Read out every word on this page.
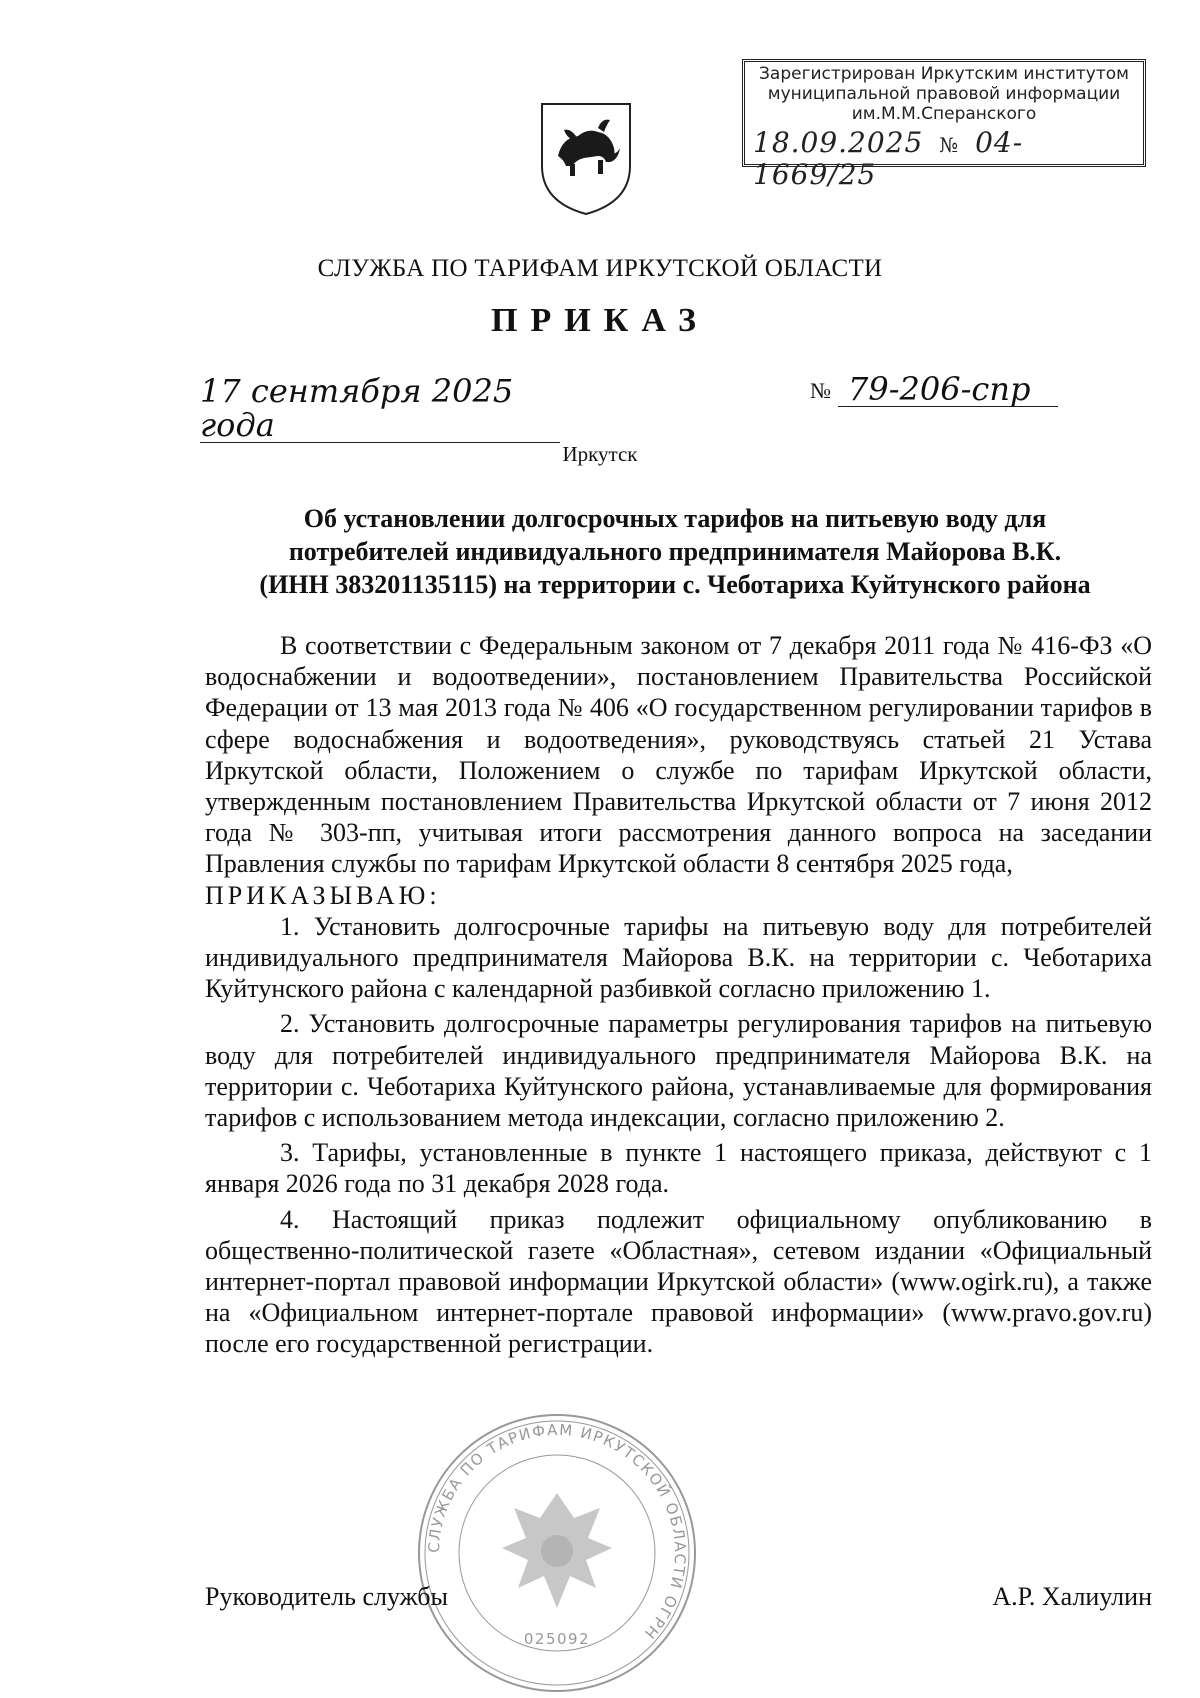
Зарегистрирован Иркутским институтом
муниципальной правовой информации
им.М.М.Сперанского
18.09.2025 № 04-1669/25
СЛУЖБА ПО ТАРИФАМ ИРКУТСКОЙ ОБЛАСТИ
ПРИКАЗ
17 сентября 2025 года
№ 79-206-спр
Иркутск
Об установлении долгосрочных тарифов на питьевую воду для
потребителей индивидуального предпринимателя Майорова В.К.
(ИНН 383201135115) на территории с. Чеботариха Куйтунского района

В соответствии с Федеральным законом от 7 декабря 2011 года № 416-ФЗ «О водоснабжении и водоотведении», постановлением Правительства Российской Федерации от 13 мая 2013 года № 406 «О государственном регулировании тарифов в сфере водоснабжения и водоотведения», руководствуясь статьей 21 Устава Иркутской области, Положением о службе по тарифам Иркутской области, утвержденным постановлением Правительства Иркутской области от 7 июня 2012 года № 303-пп, учитывая итоги рассмотрения данного вопроса на заседании Правления службы по тарифам Иркутской области 8 сентября 2025 года,

ПРИКАЗЫВАЮ:

1. Установить долгосрочные тарифы на питьевую воду для потребителей индивидуального предпринимателя Майорова В.К. на территории с. Чеботариха Куйтунского района с календарной разбивкой согласно приложению 1.

2. Установить долгосрочные параметры регулирования тарифов на питьевую воду для потребителей индивидуального предпринимателя Майорова В.К. на территории с. Чеботариха Куйтунского района, устанавливаемые для формирования тарифов с использованием метода индексации, согласно приложению 2.

3. Тарифы, установленные в пункте 1 настоящего приказа, действуют с 1 января 2026 года по 31 декабря 2028 года.

4. Настоящий приказ подлежит официальному опубликованию в общественно-политической газете «Областная», сетевом издании «Официальный интернет-портал правовой информации Иркутской области» (www.ogirk.ru), а также на «Официальном интернет-портале правовой информации» (www.pravo.gov.ru) после его государственной регистрации.

СЛУЖБА ПО ТАРИФАМ ИРКУТСКОЙ ОБЛАСТИ ОГРН
025092
Руководитель службы	А.Р. Халиулин
